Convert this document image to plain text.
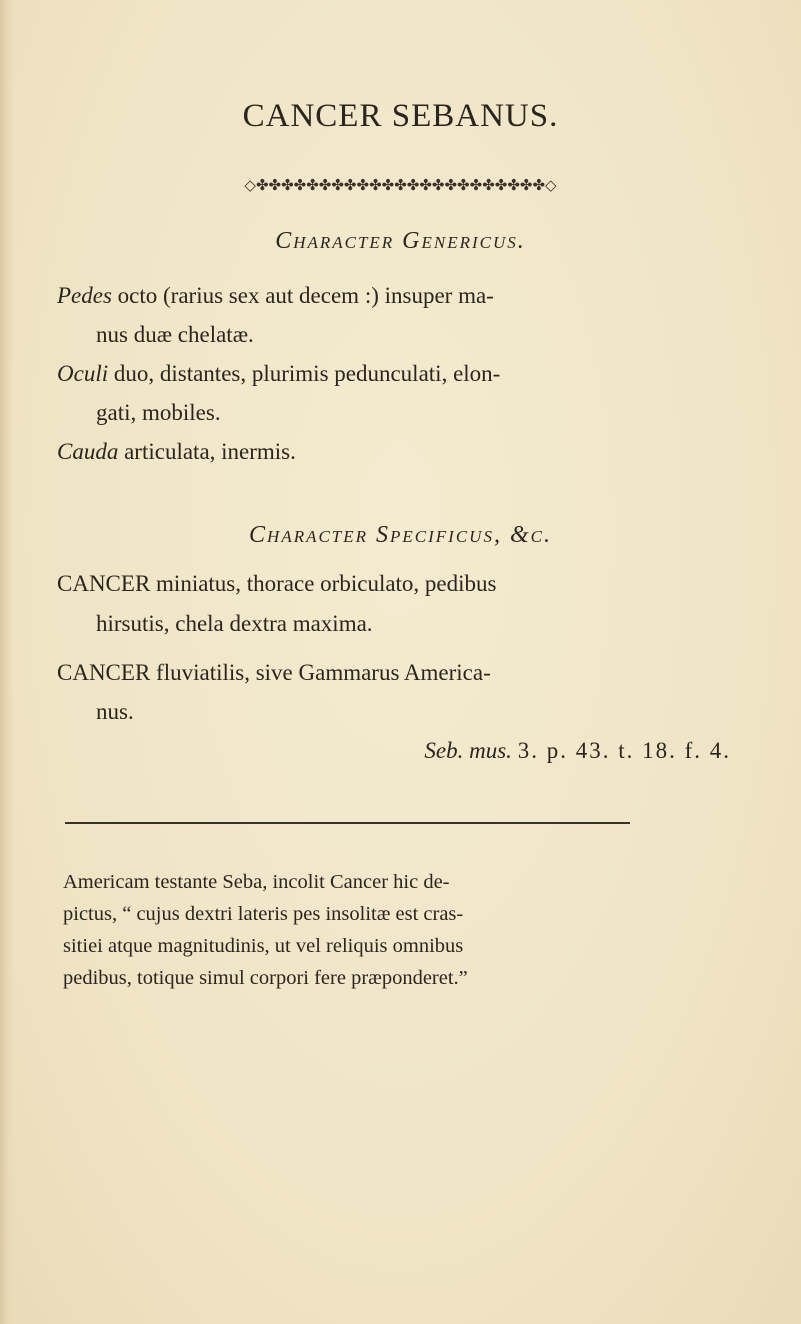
CANCER SEBANUS.
◇✤✤✤✤✤✤✤✤✤✤✤✤✤✤✤✤✤✤✤✤✤✤✤◇
Character Genericus.
Pedes octo (rarius sex aut decem :) insuper ma-
nus duæ chelatæ.
Oculi duo, distantes, plurimis pedunculati, elon-
gati, mobiles.
Cauda articulata, inermis.
Character Specificus, &c.
CANCER miniatus, thorace orbiculato, pedibus
hirsutis, chela dextra maxima.
CANCER fluviatilis, sive Gammarus America-
nus.
Seb. mus. 3. p. 43. t. 18. f. 4.
Americam testante Seba, incolit Cancer hic de-
pictus, “ cujus dextri lateris pes insolitæ est cras-
sitiei atque magnitudinis, ut vel reliquis omnibus
pedibus, totique simul corpori fere præponderet.”
